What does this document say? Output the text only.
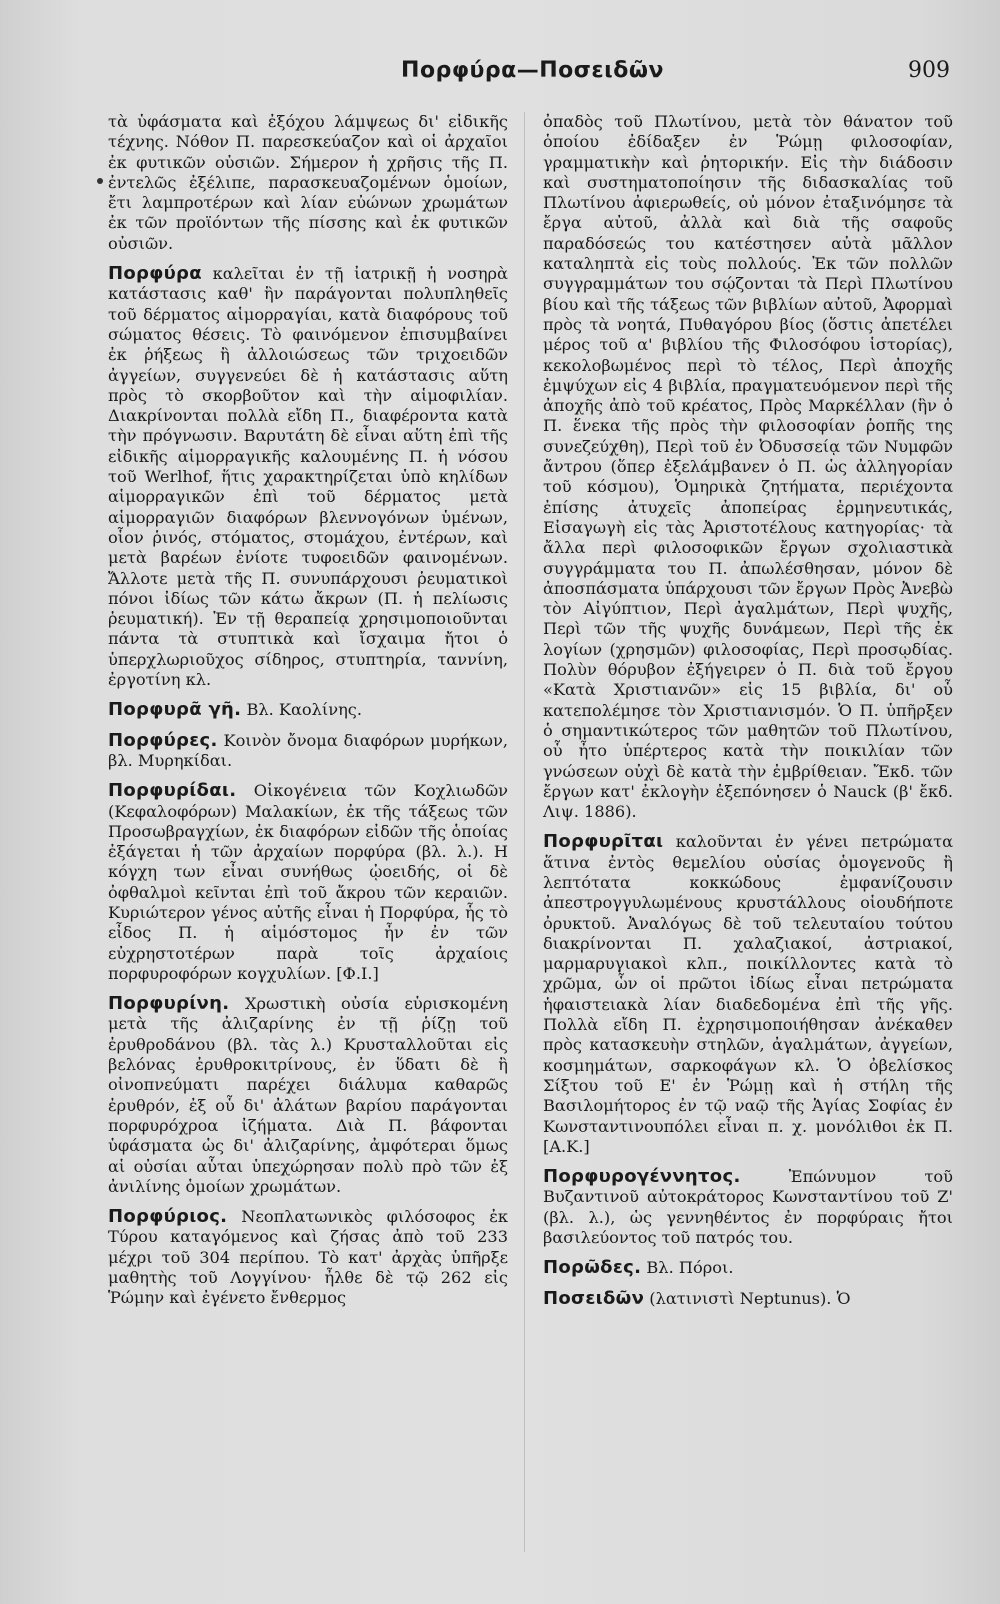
Πορφύρα—Ποσειδῶν	909

τὰ ὑφάσματα καὶ ἐξόχου λάμψεως δι' εἰδικῆς τέχνης. Νόθον Π. παρεσκεύαζον καὶ οἱ ἀρχαῖοι ἐκ φυτικῶν οὐσιῶν. Σήμερον ἡ χρῆσις τῆς Π. ἐντελῶς ἐξέλιπε, παρασκευαζομένων ὁμοίων, ἔτι λαμπροτέρων καὶ λίαν εὐώνων χρωμάτων ἐκ τῶν προϊόντων τῆς πίσσης καὶ ἐκ φυτικῶν οὐσιῶν.

Πορφύρα καλεῖται ἐν τῇ ἰατρικῇ ἡ νοσηρὰ κατάστασις καθ' ἣν παράγονται πολυπληθεῖς τοῦ δέρματος αἱμορραγίαι, κατὰ διαφόρους τοῦ σώματος θέσεις. Τὸ φαινόμενον ἐπισυμβαίνει ἐκ ῥήξεως ἢ ἀλλοιώσεως τῶν τριχοειδῶν ἀγγείων, συγγενεύει δὲ ἡ κατάστασις αὕτη πρὸς τὸ σκορβοῦτον καὶ τὴν αἱμοφιλίαν. Διακρίνονται πολλὰ εἴδη Π., διαφέροντα κατὰ τὴν πρόγνωσιν. Βαρυτάτη δὲ εἶναι αὕτη ἐπὶ τῆς εἰδικῆς αἱμορραγικῆς καλουμένης Π. ἡ νόσου τοῦ Werlhof, ἥτις χαρακτηρίζεται ὑπὸ κηλίδων αἱμορραγικῶν ἐπὶ τοῦ δέρματος μετὰ αἱμορραγιῶν διαφόρων βλεννογόνων ὑμένων, οἷον ῥινός, στόματος, στομάχου, ἐντέρων, καὶ μετὰ βαρέων ἐνίοτε τυφοειδῶν φαινομένων. Ἄλλοτε μετὰ τῆς Π. συνυπάρχουσι ῥευματικοὶ πόνοι ἰδίως τῶν κάτω ἄκρων (Π. ἡ πελίωσις ῥευματική). Ἐν τῇ θεραπείᾳ χρησιμοποιοῦνται πάντα τὰ στυπτικὰ καὶ ἴσχαιμα ἤτοι ὁ ὑπερχλωριοῦχος σίδηρος, στυπτηρία, ταννίνη, ἐργοτίνη κλ.

Πορφυρᾶ γῆ. Βλ. Καολίνης.

Πορφύρες. Κοινὸν ὄνομα διαφόρων μυρήκων, βλ. Μυρηκίδαι.

Πορφυρίδαι. Οἰκογένεια τῶν Κοχλιωδῶν (Κεφαλοφόρων) Μαλακίων, ἐκ τῆς τάξεως τῶν Προσωβραγχίων, ἐκ διαφόρων εἰδῶν τῆς ὁποίας ἐξάγεται ἡ τῶν ἀρχαίων πορφύρα (βλ. λ.). Η κόγχη των εἶναι συνήθως ᾠοειδής, οἱ δὲ ὀφθαλμοὶ κεῖνται ἐπὶ τοῦ ἄκρου τῶν κεραιῶν. Κυριώτερον γένος αὐτῆς εἶναι ἡ Πορφύρα, ἧς τὸ εἶδος Π. ἡ αἱμόστομος ἦν ἐν τῶν εὐχρηστοτέρων παρὰ τοῖς ἀρχαίοις πορφυροφόρων κογχυλίων. [Φ.Ι.]

Πορφυρίνη. Χρωστικὴ οὐσία εὑρισκομένη μετὰ τῆς ἀλιζαρίνης ἐν τῇ ῥίζῃ τοῦ ἐρυθροδάνου (βλ. τὰς λ.) Κρυσταλλοῦται εἰς βελόνας ἐρυθροκιτρίνους, ἐν ὕδατι δὲ ἢ οἰνοπνεύματι παρέχει διάλυμα καθαρῶς ἐρυθρόν, ἐξ οὗ δι' ἀλάτων βαρίου παράγονται πορφυρόχροα ἰζήματα. Διὰ Π. βάφονται ὑφάσματα ὡς δι' ἀλιζαρίνης, ἀμφότεραι ὅμως αἱ οὐσίαι αὗται ὑπεχώρησαν πολὺ πρὸ τῶν ἐξ ἀνιλίνης ὁμοίων χρωμάτων.

Πορφύριος. Νεοπλατωνικὸς φιλόσοφος ἐκ Τύρου καταγόμενος καὶ ζήσας ἀπὸ τοῦ 233 μέχρι τοῦ 304 περίπου. Τὸ κατ' ἀρχὰς ὑπῆρξε μαθητὴς τοῦ Λογγίνου· ἦλθε δὲ τῷ 262 εἰς Ῥώμην καὶ ἐγένετο ἔνθερμος

ὀπαδὸς τοῦ Πλωτίνου, μετὰ τὸν θάνατον τοῦ ὁποίου ἐδίδαξεν ἐν Ῥώμῃ φιλοσοφίαν, γραμματικὴν καὶ ῥητορικήν. Εἰς τὴν διάδοσιν καὶ συστηματοποίησιν τῆς διδασκαλίας τοῦ Πλωτίνου ἀφιερωθείς, οὐ μόνον ἐταξινόμησε τὰ ἔργα αὐτοῦ, ἀλλὰ καὶ διὰ τῆς σαφοῦς παραδόσεώς του κατέστησεν αὐτὰ μᾶλλον καταληπτὰ εἰς τοὺς πολλούς. Ἐκ τῶν πολλῶν συγγραμμάτων του σῴζονται τὰ Περὶ Πλωτίνου βίου καὶ τῆς τάξεως τῶν βιβλίων αὐτοῦ, Ἀφορμαὶ πρὸς τὰ νοητά, Πυθαγόρου βίος (ὅστις ἀπετέλει μέρος τοῦ α' βιβλίου τῆς Φιλοσόφου ἱστορίας), κεκολοβωμένος περὶ τὸ τέλος, Περὶ ἀποχῆς ἐμψύχων εἰς 4 βιβλία, πραγματευόμενον περὶ τῆς ἀποχῆς ἀπὸ τοῦ κρέατος, Πρὸς Μαρκέλλαν (ἣν ὁ Π. ἕνεκα τῆς πρὸς τὴν φιλοσοφίαν ῥοπῆς της συνεζεύχθη), Περὶ τοῦ ἐν Ὀδυσσείᾳ τῶν Νυμφῶν ἄντρου (ὅπερ ἐξελάμβανεν ὁ Π. ὡς ἀλληγορίαν τοῦ κόσμου), Ὁμηρικὰ ζητήματα, περιέχοντα ἐπίσης ἀτυχεῖς ἀποπείρας ἑρμηνευτικάς, Εἰσαγωγὴ εἰς τὰς Ἀριστοτέλους κατηγορίας· τὰ ἄλλα περὶ φιλοσοφικῶν ἔργων σχολιαστικὰ συγγράμματα του Π. ἀπωλέσθησαν, μόνον δὲ ἀποσπάσματα ὑπάρχουσι τῶν ἔργων Πρὸς Ἀνεβὼ τὸν Αἰγύπτιον, Περὶ ἀγαλμάτων, Περὶ ψυχῆς, Περὶ τῶν τῆς ψυχῆς δυνάμεων, Περὶ τῆς ἐκ λογίων (χρησμῶν) φιλοσοφίας, Περὶ προσῳδίας. Πολὺν θόρυβον ἐξήγειρεν ὁ Π. διὰ τοῦ ἔργου «Κατὰ Χριστιανῶν» εἰς 15 βιβλία, δι' οὗ κατεπολέμησε τὸν Χριστιανισμόν. Ὁ Π. ὑπῆρξεν ὁ σημαντικώτερος τῶν μαθητῶν τοῦ Πλωτίνου, οὗ ἦτο ὑπέρτερος κατὰ τὴν ποικιλίαν τῶν γνώσεων οὐχὶ δὲ κατὰ τὴν ἐμβρίθειαν. Ἔκδ. τῶν ἔργων κατ' ἐκλογὴν ἐξεπόνησεν ὁ Nauck (β' ἔκδ. Λιψ. 1886).

Πορφυρῖται καλοῦνται ἐν γένει πετρώματα ἅτινα ἐντὸς θεμελίου οὐσίας ὁμογενοῦς ἢ λεπτότατα κοκκώδους ἐμφανίζουσιν ἀπεστρογγυλωμένους κρυστάλλους οἱουδήποτε ὀρυκτοῦ. Ἀναλόγως δὲ τοῦ τελευταίου τούτου διακρίνονται Π. χαλαζιακοί, ἀστριακοί, μαρμαρυγιακοὶ κλπ., ποικίλλοντες κατὰ τὸ χρῶμα, ὧν οἱ πρῶτοι ἰδίως εἶναι πετρώματα ἡφαιστειακὰ λίαν διαδεδομένα ἐπὶ τῆς γῆς. Πολλὰ εἴδη Π. ἐχρησιμοποιήθησαν ἀνέκαθεν πρὸς κατασκευὴν στηλῶν, ἀγαλμάτων, ἀγγείων, κοσμημάτων, σαρκοφάγων κλ. Ὁ ὀβελίσκος Σίξτου τοῦ Ε' ἐν Ῥώμῃ καὶ ἡ στήλη τῆς Βασιλομήτορος ἐν τῷ ναῷ τῆς Ἁγίας Σοφίας ἐν Κωνσταντινουπόλει εἶναι π. χ. μονόλιθοι ἐκ Π. [Α.Κ.]

Πορφυρογέννητος. Ἐπώνυμον τοῦ Βυζαντινοῦ αὐτοκράτορος Κωνσταντίνου τοῦ Ζ' (βλ. λ.), ὡς γεννηθέντος ἐν πορφύραις ἤτοι βασιλεύοντος τοῦ πατρός του.

Πορῶδες. Βλ. Πόροι.

Ποσειδῶν (λατινιστὶ Neptunus). Ὁ
